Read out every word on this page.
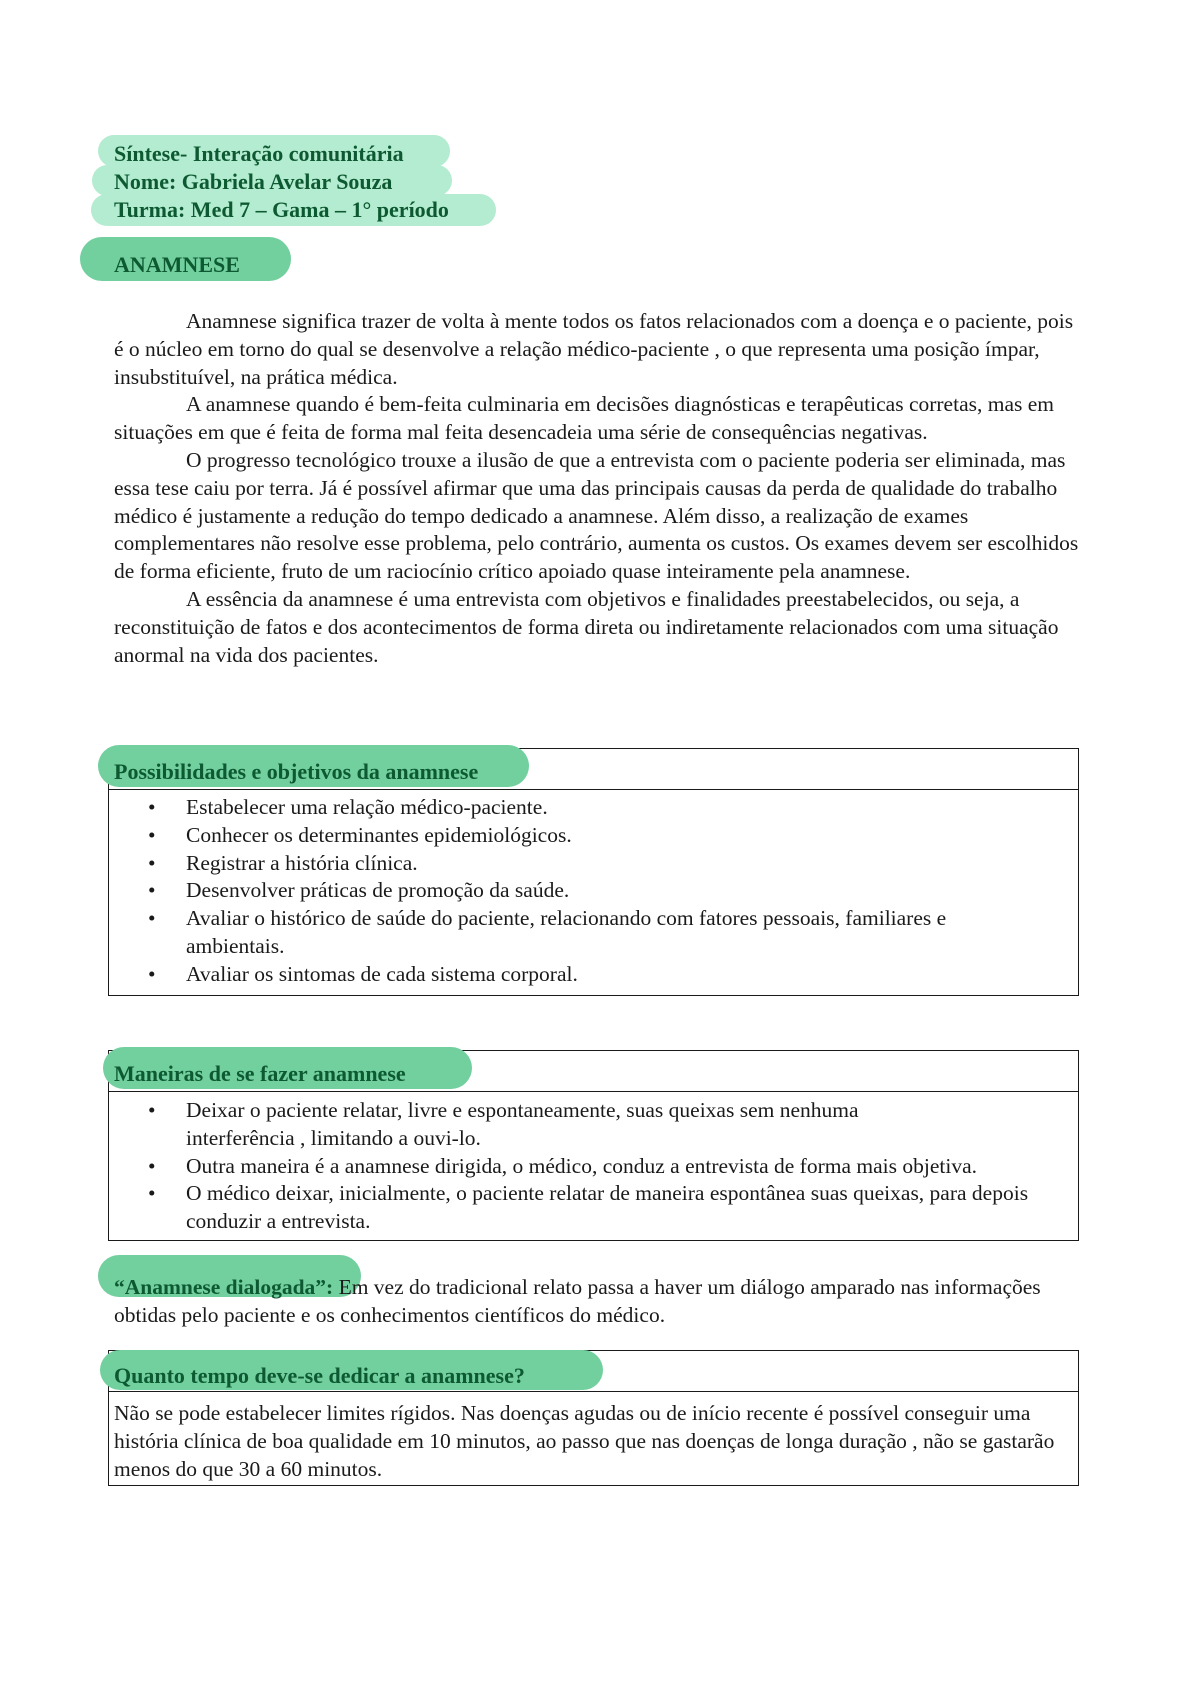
Síntese- Interação comunitária
Nome: Gabriela Avelar Souza
Turma: Med 7 – Gama – 1° período
ANAMNESE

Anamnese significa trazer de volta à mente todos os fatos relacionados com a doença e o paciente, pois é o núcleo em torno do qual se desenvolve a relação médico-paciente , o que representa uma posição ímpar, insubstituível, na prática médica.

A anamnese quando é bem-feita culminaria em decisões diagnósticas e terapêuticas corretas, mas em situações em que é feita de forma mal feita desencadeia uma série de consequências negativas.

O progresso tecnológico trouxe a ilusão de que a entrevista com o paciente poderia ser eliminada, mas essa tese caiu por terra. Já é possível afirmar que uma das principais causas da perda de qualidade do trabalho médico é justamente a redução do tempo dedicado a anamnese. Além disso, a realização de exames complementares não resolve esse problema, pelo contrário, aumenta os custos. Os exames devem ser escolhidos de forma eficiente, fruto de um raciocínio crítico apoiado quase inteiramente pela anamnese.

A essência da anamnese é uma entrevista com objetivos e finalidades preestabelecidos, ou seja, a reconstituição de fatos e dos acontecimentos de forma direta ou indiretamente relacionados com uma situação anormal na vida dos pacientes.

Possibilidades e objetivos da anamnese
• Estabelecer uma relação médico-paciente.
• Conhecer os determinantes epidemiológicos.
• Registrar a história clínica.
• Desenvolver práticas de promoção da saúde.
• Avaliar o histórico de saúde do paciente, relacionando com fatores pessoais, familiares e ambientais.
• Avaliar os sintomas de cada sistema corporal.
Maneiras de se fazer anamnese
• Deixar o paciente relatar, livre e espontaneamente, suas queixas sem nenhuma interferência , limitando a ouvi-lo.
• Outra maneira é a anamnese dirigida, o médico, conduz a entrevista de forma mais objetiva.
• O médico deixar, inicialmente, o paciente relatar de maneira espontânea suas queixas, para depois conduzir a entrevista.
“Anamnese dialogada”: Em vez do tradicional relato passa a haver um diálogo amparado nas informações obtidas pelo paciente e os conhecimentos científicos do médico.
Quanto tempo deve-se dedicar a anamnese?
Não se pode estabelecer limites rígidos. Nas doenças agudas ou de início recente é possível conseguir uma história clínica de boa qualidade em 10 minutos, ao passo que nas doenças de longa duração , não se gastarão menos do que 30 a 60 minutos.
